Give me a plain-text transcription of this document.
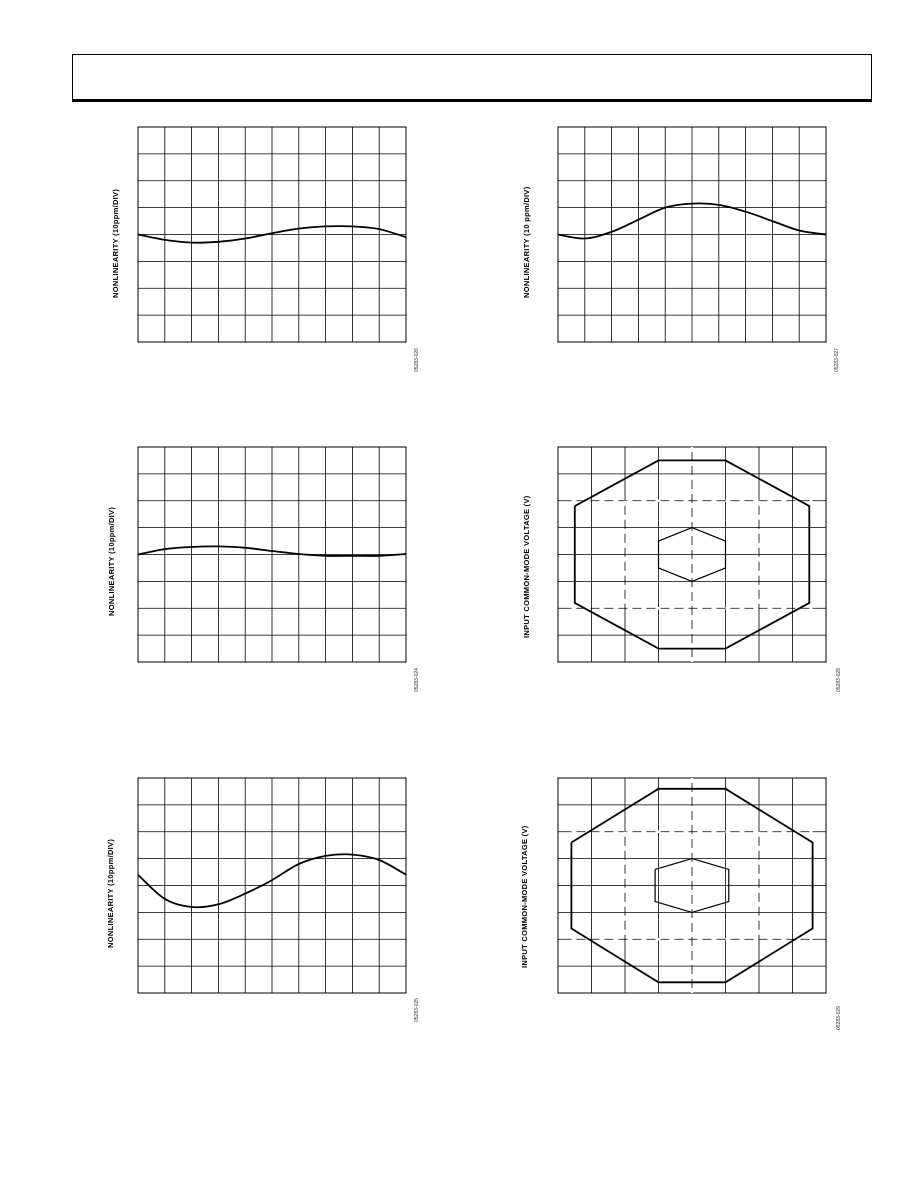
NONLINEARITY (10ppm/DIV)
05283-026
NONLINEARITY (10 ppm/DIV)
05283-027
NONLINEARITY (10ppm/DIV)
05283-024
INPUT COMMON-MODE VOLTAGE (V)
05283-028
NONLINEARITY (10ppm/DIV)
05283-025
INPUT COMMON-MODE VOLTAGE (V)
05283-029
